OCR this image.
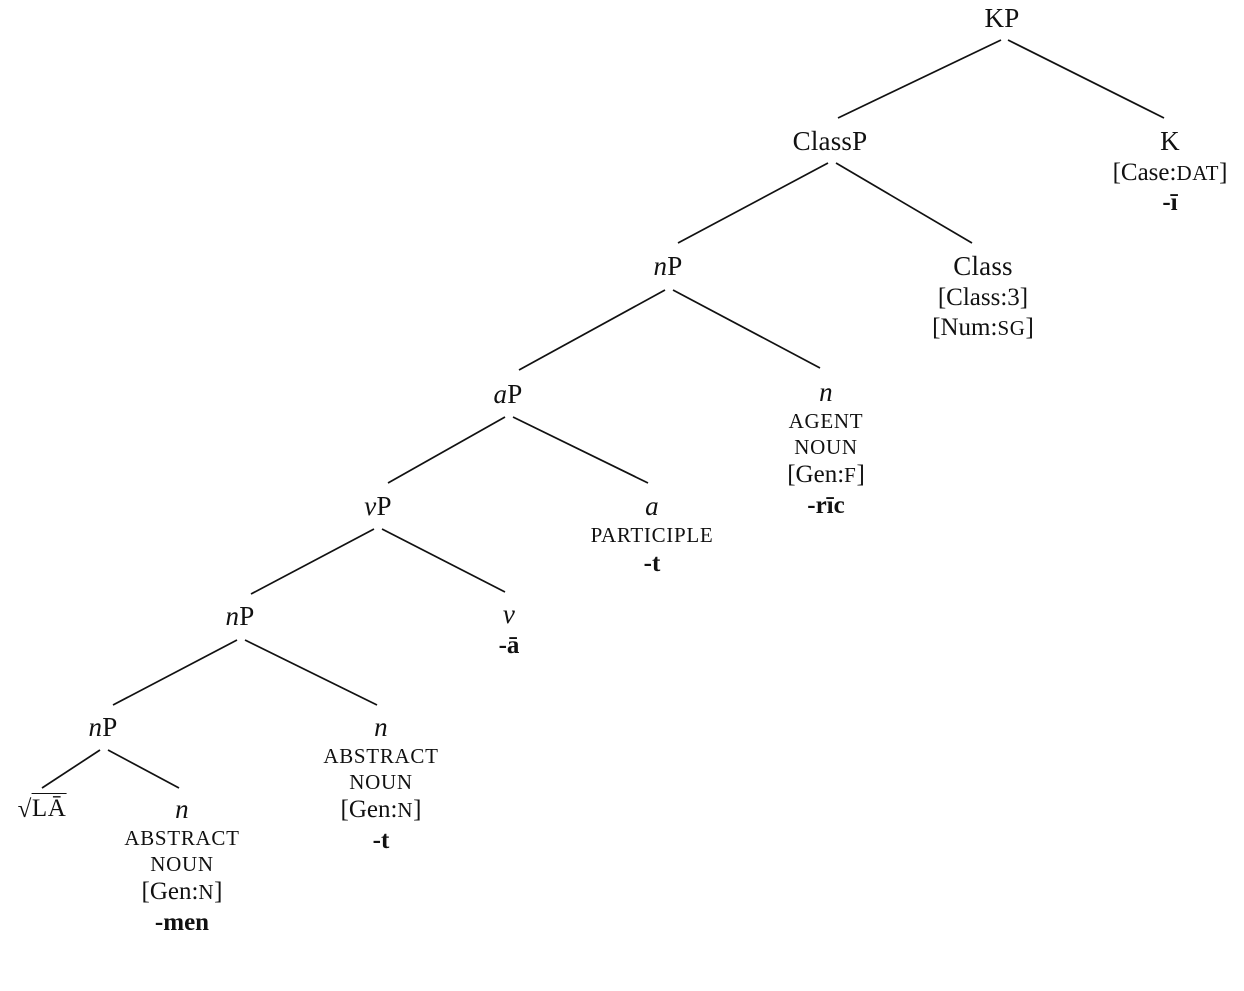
KP
ClassP	K
[Case:DAT]
-ī
nP	Class
[Class:3]
[Num:SG]
aP	n
AGENT
NOUN
[Gen:F]
-rīc
vP	a
PARTICIPLE
-t
nP	v
-ā
nP	n
ABSTRACT
NOUN
[Gen:N]
-t
√LĀ	n
ABSTRACT
NOUN
[Gen:N]
-men
